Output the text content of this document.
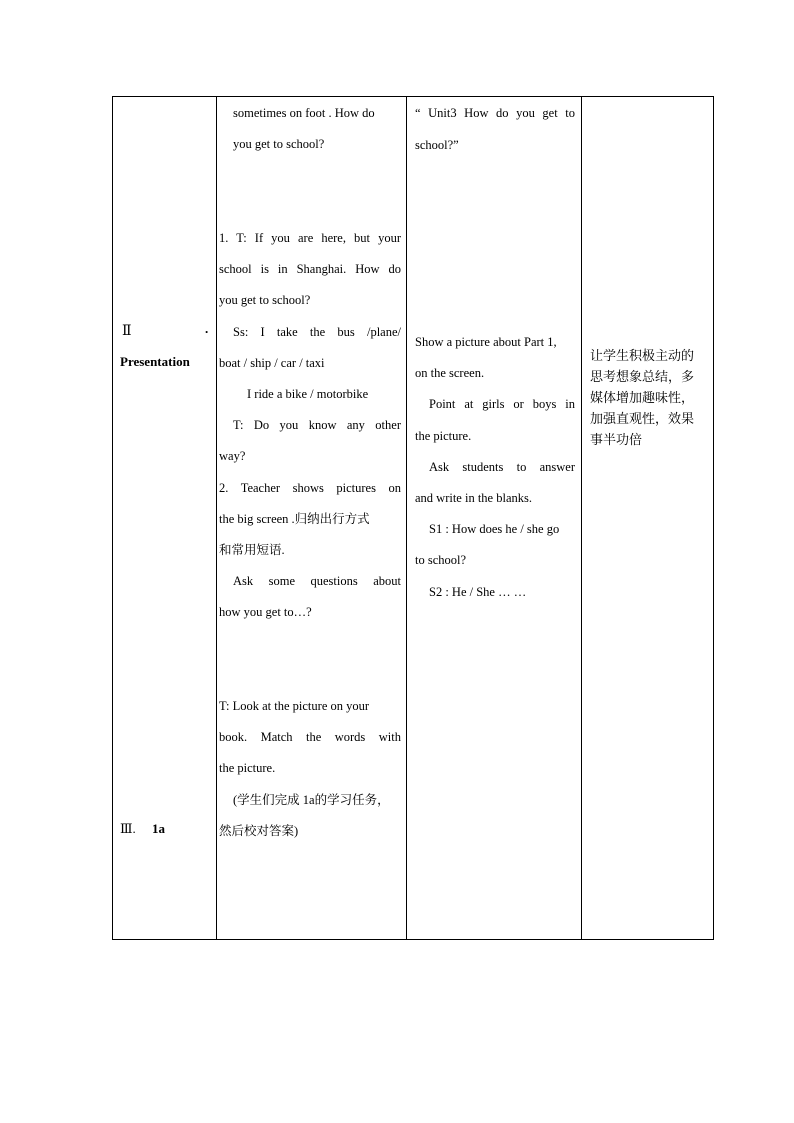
Ⅱ	.
Presentation
Ⅲ. 1a
sometimes on foot . How do
you get to school?
1. T: If you are here, but your
school is in Shanghai. How do
you get to school?
Ss: I take the bus /plane/
boat / ship / car / taxi
I ride a bike / motorbike
T: Do you know any other
way?
2. Teacher shows pictures on
the big screen .归纳出行方式
和常用短语.
Ask some questions about
how you get to…?
T: Look at the picture on your
book. Match the words with
the picture.
(学生们完成 1a的学习任务，
然后校对答案)
“ Unit3 How do you get to
school?”
Show a picture about Part 1,
on the screen.
Point at girls or boys in
the picture.
Ask students to answer
and write in the blanks.
S1 : How does he / she go
to school?
S2 : He / She … …
让学生积极主动的
思考想象总结，多
媒体增加趣味性，
加强直观性，效果
事半功倍
